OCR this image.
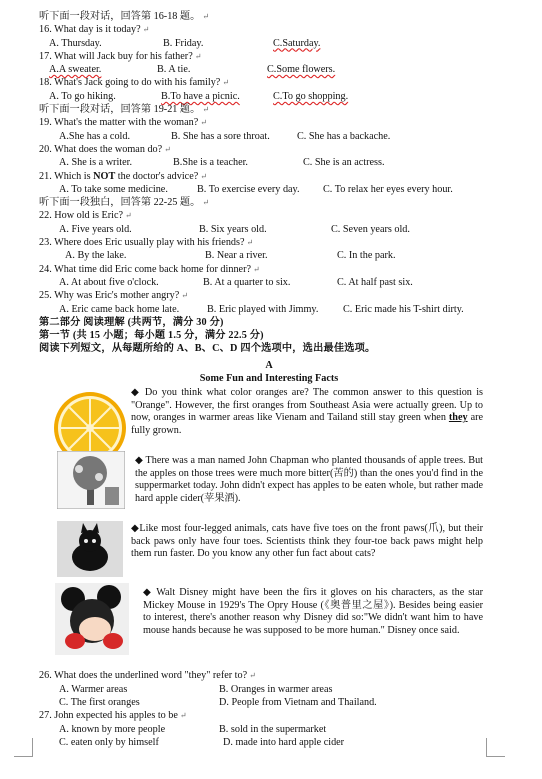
听下面一段对话，回答第 16-18 题。 ↵
16. What day is it today? ↵
A. Thursday.	B. Friday.	C.Saturday.
17. What will Jack buy for his father? ↵
A.A sweater.	B. A tie.	C.Some flowers.
18. What's Jack going to do with his family? ↵
A. To go hiking.	B.To have a picnic.	C.To go shopping.
听下面一段对话，回答第 19-21 题。 ↵
19. What's the matter with the woman? ↵
A.She has a cold.	B. She has a sore throat.	C. She has a backache.
20. What does the woman do? ↵
A. She is a writer.	B.She is a teacher.	C. She is an actress.
21. Which is NOT the doctor's advice? ↵
A. To take some medicine.	B. To exercise every day. C. To relax her eyes every hour.
听下面一段独白，回答第 22-25 题。 ↵
22. How old is Eric? ↵
A. Five years old.	B. Six years old.	C. Seven years old.
23. Where does Eric usually play with his friends? ↵
A. By the lake.	B. Near a river.	C. In the park.
24. What time did Eric come back home for dinner? ↵
A. At about five o'clock.	B. At a quarter to six.	C. At half past six.
25. Why was Eric's mother angry? ↵
A. Eric came back home late.	B. Eric played with Jimmy. C. Eric made his T-shirt dirty.
第二部分 阅读理解 (共两节，满分 30 分)
第一节 (共 15 小题；每小题 1.5 分，满分 22.5 分)
阅读下列短文，从每题所给的 A、B、C、D 四个选项中，选出最佳选项。
A
Some Fun and Interesting Facts
◆ Do you think what color oranges are? The common answer to this question is "Orange". However, the first oranges from Southeast Asia were actually green. Up to now, oranges in warmer areas like Vienam and Tailand still stay green when they are fully grown.
◆ There was a man named John Chapman who planted thousands of apple trees. But the apples on those trees were much more bitter(苦的) than the ones you'd find in the suppermarket today. John didn't expect has apples to be eaten whole, but rather made hard apple cider(苹果酒).
◆Like most four-legged animals, cats have five toes on the front paws(爪), but their back paws only have four toes. Scientists think they four-toe back paws might help them run faster. Do you know any other fun fact about cats?
◆ Walt Disney might have been the firs it gloves on his characters, as the star Mickey Mouse in 1929's The Opry House (《奥普里之屋》). Besides being easier to interest, there's another reason why Disney did so:"We didn't want him to have mouse hands because he was supposed to be more human." Disney once said.
26. What does the underlined word "they" refer to? ↵
A. Warmer areas	B. Oranges in warmer areas
C. The first oranges	D. People from Vietnam and Thailand.
27. John expected his apples to be ↵
A. known by more people	B. sold in the supermarket
C. eaten only by himself	D. made into hard apple cider
